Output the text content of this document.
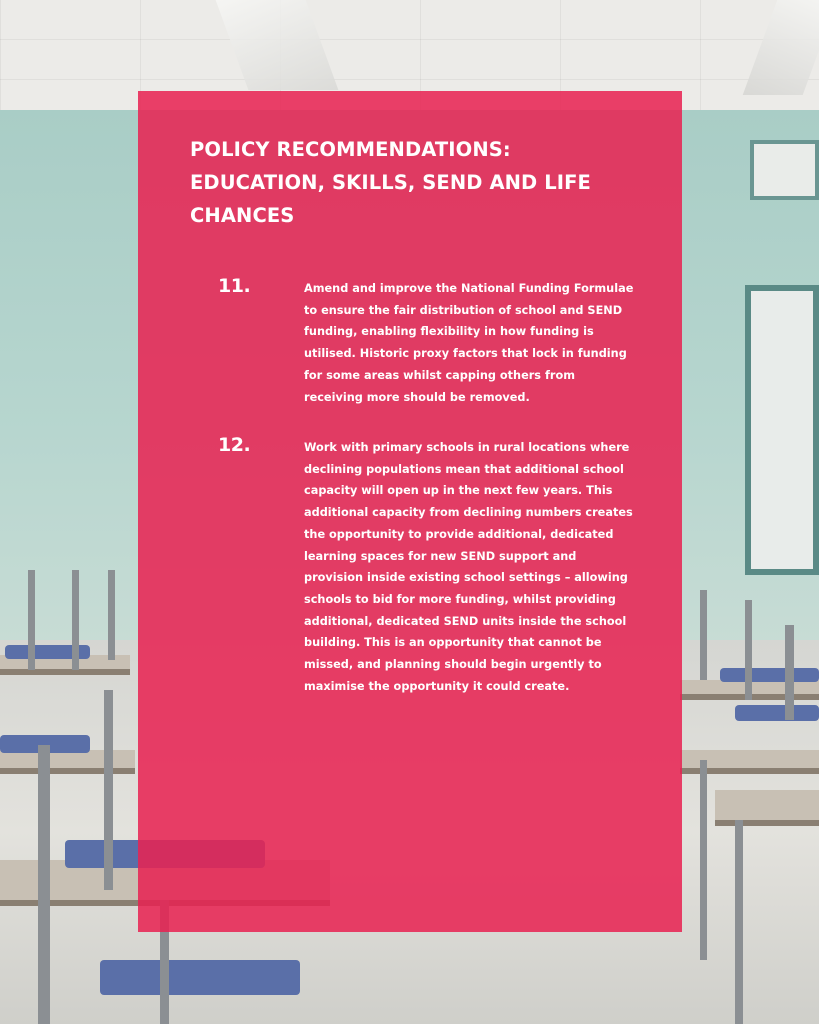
POLICY RECOMMENDATIONS: EDUCATION, SKILLS, SEND AND LIFE CHANCES
11.	Amend and improve the National Funding Formulae to ensure the fair distribution of school and SEND funding, enabling flexibility in how funding is utilised. Historic proxy factors that lock in funding for some areas whilst capping others from receiving more should be removed.

12.	Work with primary schools in rural locations where declining populations mean that additional school capacity will open up in the next few years. This additional capacity from declining numbers creates the opportunity to provide additional, dedicated learning spaces for new SEND support and provision inside existing school settings – allowing schools to bid for more funding, whilst providing additional, dedicated SEND units inside the school building. This is an opportunity that cannot be missed, and planning should begin urgently to maximise the opportunity it could create.
